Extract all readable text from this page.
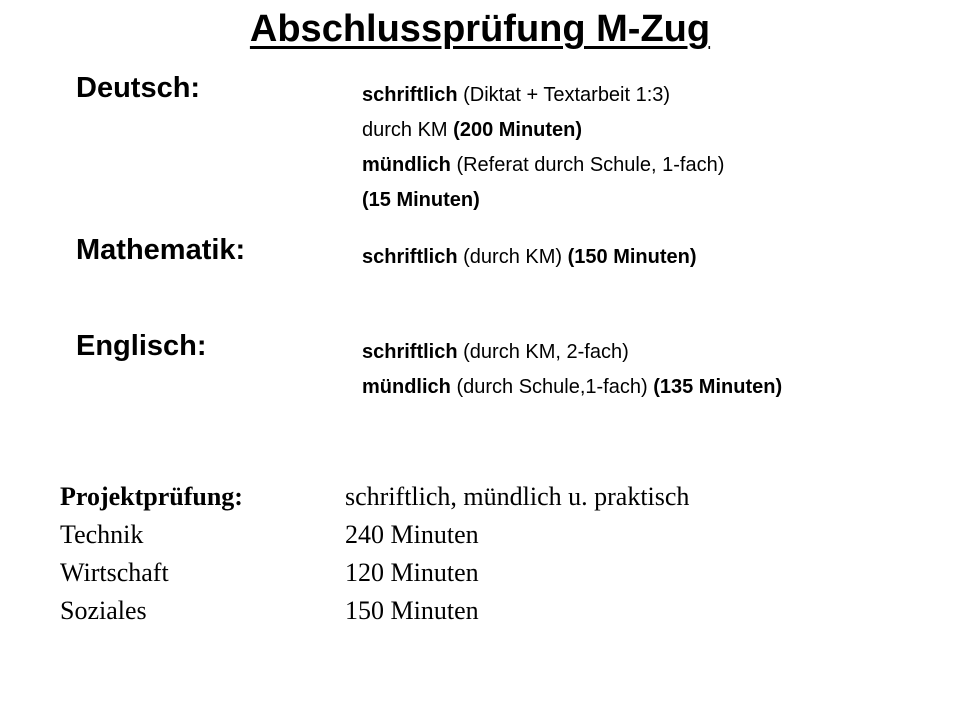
Abschlussprüfung M-Zug
Deutsch:	schriftlich (Diktat + Textarbeit 1:3)
durch KM (200 Minuten)
mündlich (Referat durch Schule, 1-fach)
(15 Minuten)
Mathematik:	schriftlich (durch KM) (150 Minuten)
Englisch:	schriftlich (durch KM, 2-fach)
mündlich (durch Schule,1-fach) (135 Minuten)
Projektprüfung:	schriftlich, mündlich u. praktisch
Technik	240 Minuten
Wirtschaft	120 Minuten
Soziales	150 Minuten
